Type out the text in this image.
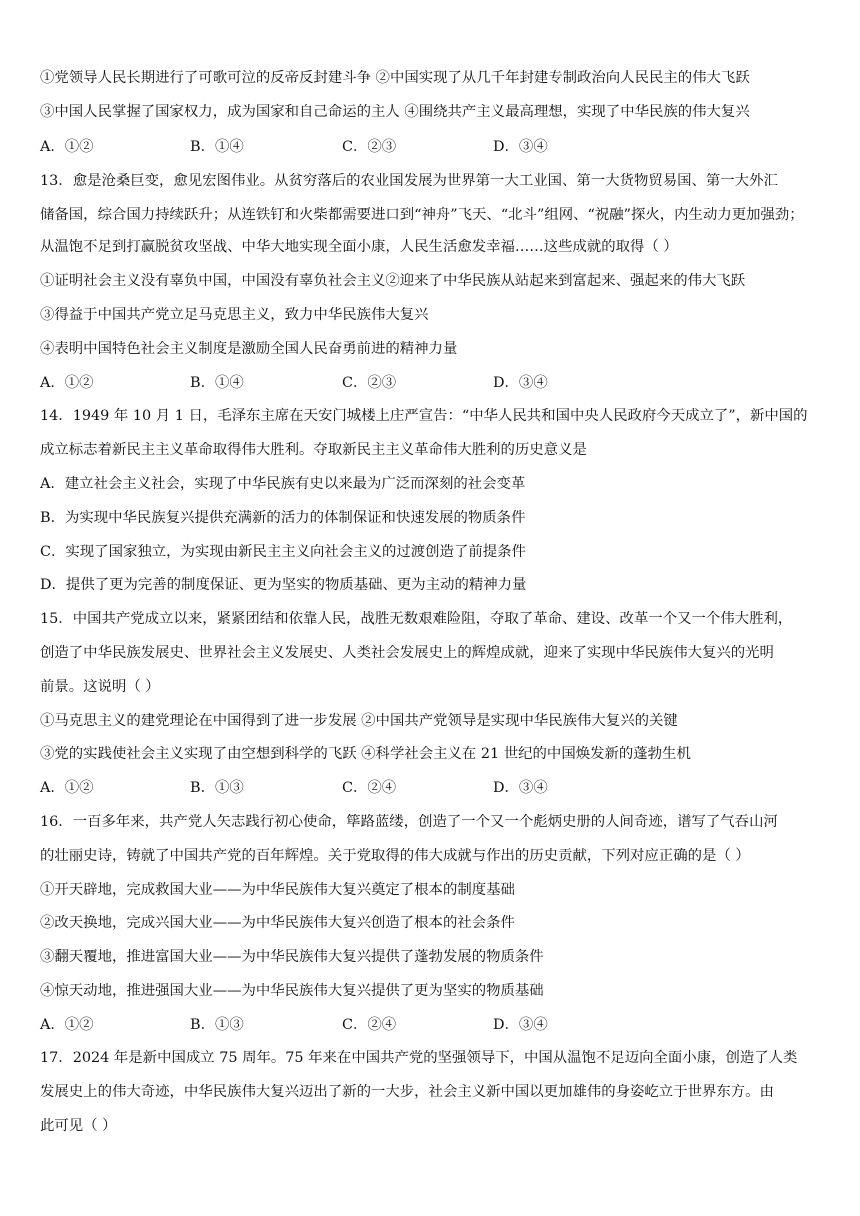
①党领导人民长期进行了可歌可泣的反帝反封建斗争 ②中国实现了从几千年封建专制政治向人民民主的伟大飞跃
③中国人民掌握了国家权力，成为国家和自己命运的主人 ④围绕共产主义最高理想，实现了中华民族的伟大复兴
A．①②	B．①④	C．②③	D．③④
13．愈是沧桑巨变，愈见宏图伟业。从贫穷落后的农业国发展为世界第一大工业国、第一大货物贸易国、第一大外汇
储备国，综合国力持续跃升；从连铁钉和火柴都需要进口到“神舟”飞天、“北斗”组网、“祝融”探火，内生动力更加强劲；
从温饱不足到打赢脱贫攻坚战、中华大地实现全面小康，人民生活愈发幸福……这些成就的取得（ ）
①证明社会主义没有辜负中国，中国没有辜负社会主义②迎来了中华民族从站起来到富起来、强起来的伟大飞跃
③得益于中国共产党立足马克思主义，致力中华民族伟大复兴
④表明中国特色社会主义制度是激励全国人民奋勇前进的精神力量
A．①②	B．①④	C．②③	D．③④
14．1949 年 10 月 1 日，毛泽东主席在天安门城楼上庄严宣告：“中华人民共和国中央人民政府今天成立了”，新中国的
成立标志着新民主主义革命取得伟大胜利。夺取新民主主义革命伟大胜利的历史意义是
A．建立社会主义社会，实现了中华民族有史以来最为广泛而深刻的社会变革
B．为实现中华民族复兴提供充满新的活力的体制保证和快速发展的物质条件
C．实现了国家独立，为实现由新民主主义向社会主义的过渡创造了前提条件
D．提供了更为完善的制度保证、更为坚实的物质基础、更为主动的精神力量
15．中国共产党成立以来，紧紧团结和依靠人民，战胜无数艰难险阻，夺取了革命、建设、改革一个又一个伟大胜利，
创造了中华民族发展史、世界社会主义发展史、人类社会发展史上的辉煌成就，迎来了实现中华民族伟大复兴的光明
前景。这说明（ ）
①马克思主义的建党理论在中国得到了进一步发展 ②中国共产党领导是实现中华民族伟大复兴的关键
③党的实践使社会主义实现了由空想到科学的飞跃 ④科学社会主义在 21 世纪的中国焕发新的蓬勃生机
A．①②	B．①③	C．②④	D．③④
16．一百多年来，共产党人矢志践行初心使命，筚路蓝缕，创造了一个又一个彪炳史册的人间奇迹，谱写了气吞山河
的壮丽史诗，铸就了中国共产党的百年辉煌。关于党取得的伟大成就与作出的历史贡献，下列对应正确的是（ ）
①开天辟地，完成救国大业——为中华民族伟大复兴奠定了根本的制度基础
②改天换地，完成兴国大业——为中华民族伟大复兴创造了根本的社会条件
③翻天覆地，推进富国大业——为中华民族伟大复兴提供了蓬勃发展的物质条件
④惊天动地，推进强国大业——为中华民族伟大复兴提供了更为坚实的物质基础
A．①②	B．①③	C．②④	D．③④
17．2024 年是新中国成立 75 周年。75 年来在中国共产党的坚强领导下，中国从温饱不足迈向全面小康，创造了人类
发展史上的伟大奇迹，中华民族伟大复兴迈出了新的一大步，社会主义新中国以更加雄伟的身姿屹立于世界东方。由
此可见（ ）
